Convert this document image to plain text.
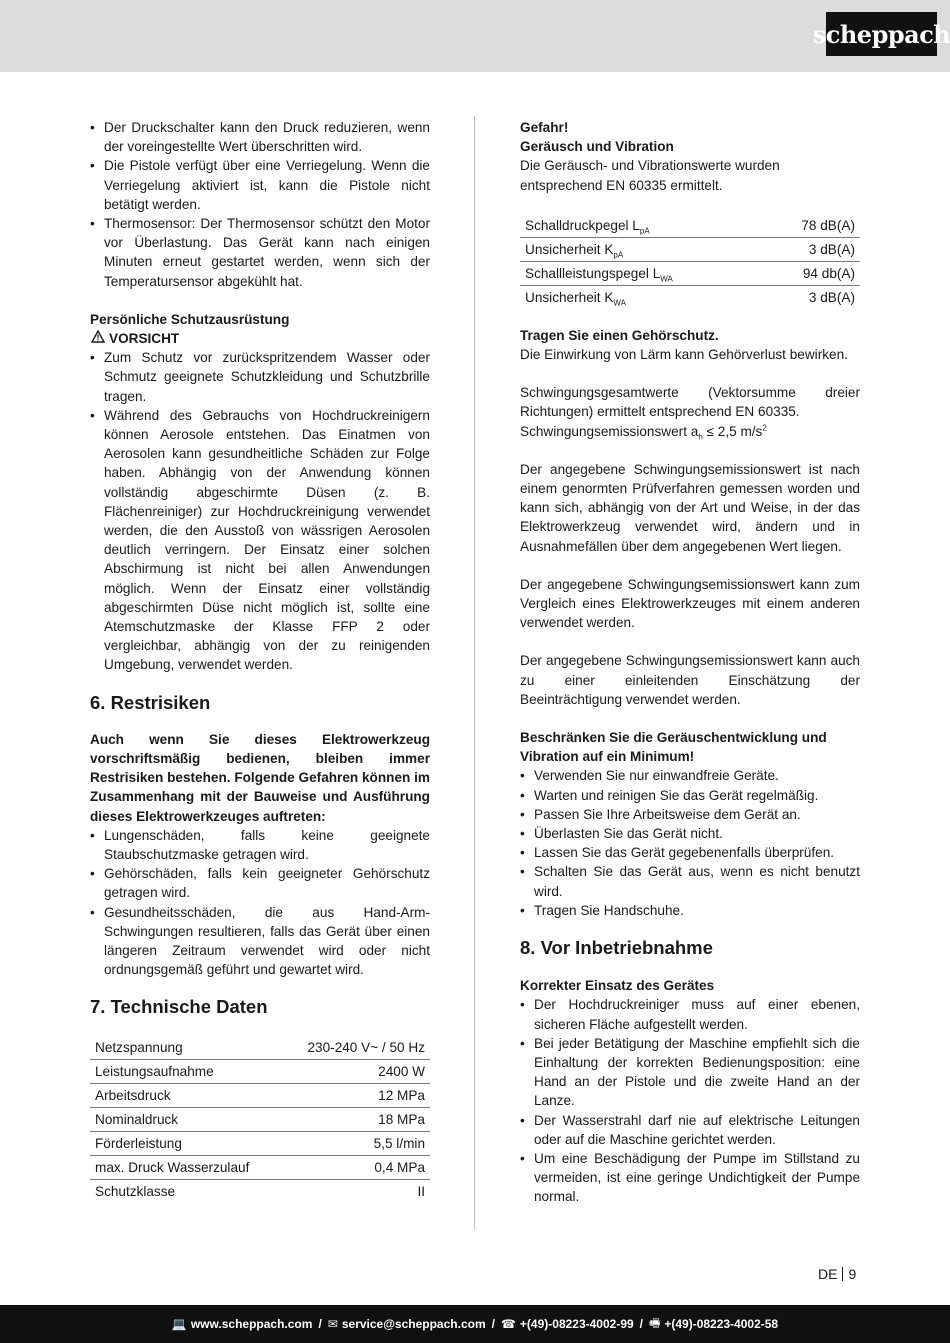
scheppach
• Der Druckschalter kann den Druck reduzieren, wenn der voreingestellte Wert überschritten wird.
• Die Pistole verfügt über eine Verriegelung. Wenn die Verriegelung aktiviert ist, kann die Pistole nicht betätigt werden.
• Thermosensor: Der Thermosensor schützt den Motor vor Überlastung. Das Gerät kann nach einigen Minuten erneut gestartet werden, wenn sich der Temperatursensor abgekühlt hat.

Persönliche Schutzausrüstung

VORSICHT
• Zum Schutz vor zurückspritzendem Wasser oder Schmutz geeignete Schutzkleidung und Schutzbrille tragen.
• Während des Gebrauchs von Hochdruckreinigern können Aerosole entstehen. Das Einatmen von Aerosolen kann gesundheitliche Schäden zur Folge haben. Abhängig von der Anwendung können vollständig abgeschirmte Düsen (z. B. Flächenreiniger) zur Hochdruckreinigung verwendet werden, die den Ausstoß von wässrigen Aerosolen deutlich verringern. Der Einsatz einer solchen Abschirmung ist nicht bei allen Anwendungen möglich. Wenn der Einsatz einer vollständig abgeschirmten Düse nicht möglich ist, sollte eine Atemschutzmaske der Klasse FFP 2 oder vergleichbar, abhängig von der zu reinigenden Umgebung, verwendet werden.

6. Restrisiken

Auch wenn Sie dieses Elektrowerkzeug vorschriftsmäßig bedienen, bleiben immer Restrisiken bestehen. Folgende Gefahren können im Zusammenhang mit der Bauweise und Ausführung dieses Elektrowerkzeuges auftreten:

• Lungenschäden, falls keine geeignete Staubschutzmaske getragen wird.
• Gehörschäden, falls kein geeigneter Gehörschutz getragen wird.
• Gesundheitsschäden, die aus Hand-Arm- Schwingungen resultieren, falls das Gerät über einen längeren Zeitraum verwendet wird oder nicht ordnungsgemäß geführt und gewartet wird.

7. Technische Daten

Netzspannung	230-240 V~ / 50 Hz
Leistungsaufnahme	2400 W
Arbeitsdruck	12 MPa
Nominaldruck	18 MPa
Förderleistung	5,5 l/min
max. Druck Wasserzulauf	0,4 MPa
Schutzklasse	II

Gefahr!

Geräusch und Vibration

Die Geräusch- und Vibrationswerte wurden entsprechend EN 60335 ermittelt.

Schalldruckpegel $L_{pA}$	78 dB(A)
Unsicherheit $K_{pA}$	3 dB(A)
Schallleistungspegel $L_{WA}$	94 db(A)
Unsicherheit $K_{WA}$	3 dB(A)

Tragen Sie einen Gehörschutz.

Die Einwirkung von Lärm kann Gehörverlust bewirken.

Schwingungsgesamtwerte (Vektorsumme dreier Richtungen) ermittelt entsprechend EN 60335.

Schwingungsemissionswert $a_h \le 2,5$ $m/s^2$

Der angegebene Schwingungsemissionswert ist nach einem genormten Prüfverfahren gemessen worden und kann sich, abhängig von der Art und Weise, in der das Elektrowerkzeug verwendet wird, ändern und in Ausnahmefällen über dem angegebenen Wert liegen.

Der angegebene Schwingungsemissionswert kann zum Vergleich eines Elektrowerkzeuges mit einem anderen verwendet werden.

Der angegebene Schwingungsemissionswert kann auch zu einer einleitenden Einschätzung der Beeinträchtigung verwendet werden.

Beschränken Sie die Geräuschentwicklung und Vibration auf ein Minimum!

• Verwenden Sie nur einwandfreie Geräte.
• Warten und reinigen Sie das Gerät regelmäßig.
• Passen Sie Ihre Arbeitsweise dem Gerät an.
• Überlasten Sie das Gerät nicht.
• Lassen Sie das Gerät gegebenenfalls überprüfen.
• Schalten Sie das Gerät aus, wenn es nicht benutzt wird.
• Tragen Sie Handschuhe.

8. Vor Inbetriebnahme

Korrekter Einsatz des Gerätes

• Der Hochdruckreiniger muss auf einer ebenen, sicheren Fläche aufgestellt werden.
• Bei jeder Betätigung der Maschine empfiehlt sich die Einhaltung der korrekten Bedienungsposition: eine Hand an der Pistole und die zweite Hand an der Lanze.
• Der Wasserstrahl darf nie auf elektrische Leitungen oder auf die Maschine gerichtet werden.
• Um eine Beschädigung der Pumpe im Stillstand zu vermeiden, ist eine geringe Undichtigkeit der Pumpe normal.
DE 9
💻 www.scheppach.com / ✉ service@scheppach.com / ☎ +(49)-08223-4002-99 / 🖷 +(49)-08223-4002-58
